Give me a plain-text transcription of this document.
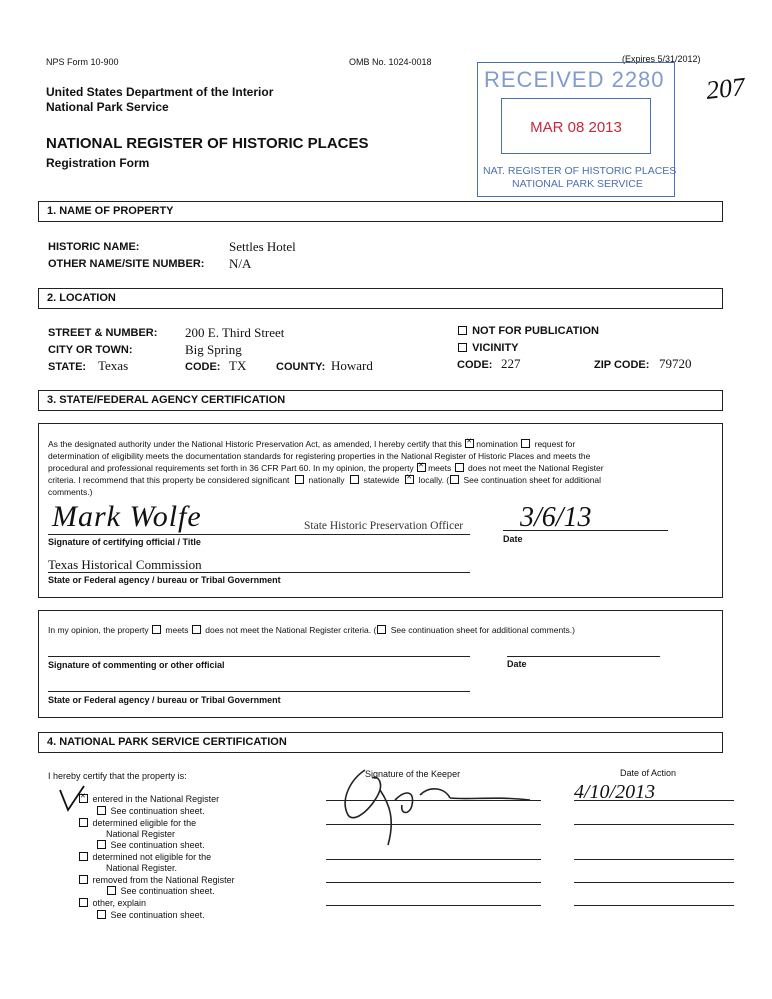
NPS Form 10-900	OMB No. 1024-0018	(Expires 5/31/2012)
United States Department of the Interior
National Park Service
NATIONAL REGISTER OF HISTORIC PLACES
Registration Form
207
RECEIVED 2280
MAR 08 2013
NAT. REGISTER OF HISTORIC PLACES
NATIONAL PARK SERVICE
1. NAME OF PROPERTY
HISTORIC NAME:	Settles Hotel
OTHER NAME/SITE NUMBER: N/A
2. LOCATION
STREET & NUMBER: 200 E. Third Street	NOT FOR PUBLICATION
CITY OR TOWN:	Big Spring	VICINITY
STATE: Texas	CODE: TX	COUNTY: Howard	CODE: 227	ZIP CODE: 79720
3. STATE/FEDERAL AGENCY CERTIFICATION
As the designated authority under the National Historic Preservation Act, as amended, I hereby certify that this ✕ nomination request for
determination of eligibility meets the documentation standards for registering properties in the National Register of Historic Places and meets the
procedural and professional requirements set forth in 36 CFR Part 60. In my opinion, the property ✕ meets does not meet the National Register
criteria. I recommend that this property be considered significant nationally statewide ✕ locally. ( See continuation sheet for additional
comments.)
Mark Wolfe	State Historic Preservation Officer
Signature of certifying official / Title
3/6/13
Date
Texas Historical Commission
State or Federal agency / bureau or Tribal Government
In my opinion, the property meets does not meet the National Register criteria. ( See continuation sheet for additional comments.)
Signature of commenting or other official	Date
State or Federal agency / bureau or Tribal Government
4. NATIONAL PARK SERVICE CERTIFICATION
I hereby certify that the property is:	Signature of the Keeper	Date of Action
4/10/2013
✕ entered in the National Register
See continuation sheet.
determined eligible for the
National Register
See continuation sheet.
determined not eligible for the
National Register.
removed from the National Register
See continuation sheet.
other, explain
See continuation sheet.
